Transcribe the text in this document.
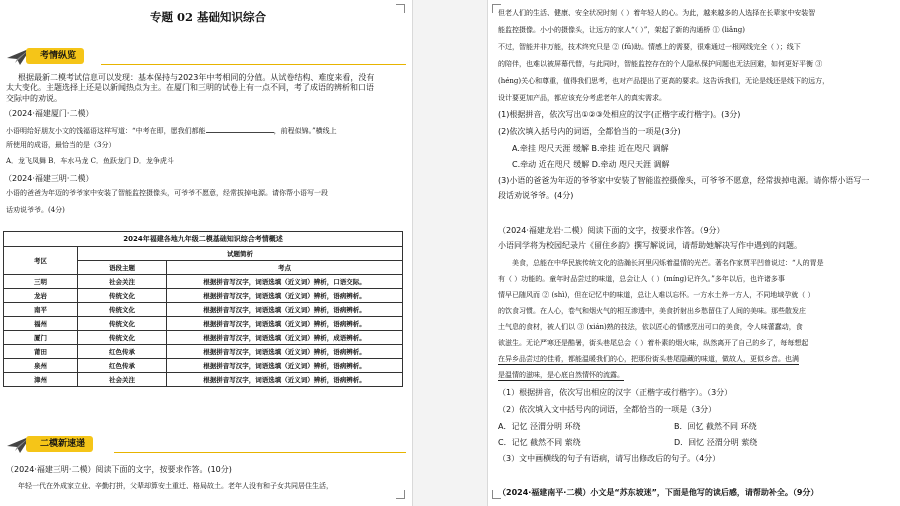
专题 02 基础知识综合
考情纵览
根据最新二模考试信息可以发现：基本保持与2023年中考相同的分值。从试卷结构、难度来看，没有
太大变化。主题选择上还是以新闻热点为主。在厦门和三明的试卷上有一点不同，考了成语的辨析和口语
交际中的劝说。
（2024·福建厦门·二模）
小语明给好朋友小文的饯福语这样写道：“中考在即，愿我们都能	，前程似锦。”横线上
所使用的成语，最恰当的是（3分）
A．龙飞凤舞 B．车水马龙 C．鱼跃龙门 D．龙争虎斗
（2024·福建三明·二模）
小语的爸爸为年迈的爷爷家中安装了智能监控摄像头，可爷爷不愿意，经常拔掉电源。请你帮小语写一段
话劝说爷爷。(4分)
2024年福建各地九年级二模基础知识综合考情概述		
考区	试题简析	
	语段主题	考点
三明	社会关注	根据拼音写汉字，词语选填（近义词）辨析，口语交际。
龙岩	传统文化	根据拼音写汉字，词语选填（近义词）辨析，语病辨析。
南平	传统文化	根据拼音写汉字，词语选填（近义词）辨析，语病辨析。
福州	传统文化	根据拼音写汉字，词语选填（近义词）辨析，语病辨析。
厦门	传统文化	根据拼音写汉字，词语选填（近义词）辨析，成语辨析。
莆田	红色传承	根据拼音写汉字，词语选填（近义词）辨析，语病辨析。
泉州	红色传承	根据拼音写汉字，词语选填（近义词）辨析，语病辨析。
漳州	社会关注	根据拼音写汉字，词语选填（近义词）辨析，语病辨析。
二模新速递
（2024·福建三明·二模）阅读下面的文字，按要求作答。(10分)
年轻一代在外成家立业、辛勤打拼，父辈却算安土重迁、格局故土。老年人没有和子女共同居住生活，
但老人们的生活、健康、安全状况时刻（ ）着年轻人的心。为此，越来越多的人选择在长辈家中安装智
能监控摄像。小小的摄像头，让远方的家人“（ ）”，架起了新的沟通桥 ① (liǎnɡ)
不过，智能并非万能，技术终究只是 ② (fǔ)助。情感上的需要，很难通过一根网线完全（ ）；线下
的陪伴，也难以被屏幕代替，与此同时，智能监控存在的个人隐私保护问题也无法回避，如何更好平衡 ③
(hénɡ)关心和尊重，值得我们思考，也对产品提出了更高的要求。这告诉我们，无论是线还是线下的远方，
设计要更加产品，都应该充分考虑老年人的真实需求。
(1)根据拼音，依次写出①②③处相应的汉字(正楷字或行楷字)。(3分)
(2)依次填入括号内的词语，全都恰当的一项是(3分)
A.牵挂 咫尺天涯 缓解 B.牵挂 近在咫尺 调解
C.牵动 近在咫尺 缓解 D.牵动 咫尺天涯 调解
(3)小语的爸爸为年迈的爷爷家中安装了智能监控摄像头，可爷爷不愿意，经常拔掉电源。请你帮小语写一
段话劝说爷爷。(4分)
（2024·福建龙岩·二模）阅读下面的文字，按要求作答。（9分）
小语同学将为校园纪录片《留住乡韵》撰写解说词，请帮助她解决写作中遇到的问题。
美食，总能在中华民族传统文化的浩瀚长河里闪烁着温情的光芒。著名作家贾平凹曾说过：“人的胃是
有（ ）功能的。童年时品尝过的味道，总会让人（ ）(mínɡ)记许久。”多年以后，也许诸多事
情早已随风而 ② (shì)，但在记忆中的味道，总让人难以忘怀。一方水土养一方人，不同地域孕就（ ）
的饮食习惯。在人心，卷气和烟火气的相互渗透中，美食折射出乡愁留住了人间的美味。那些散发庄
土气息的食材，被人们以 ③ (xián)熟的技法，依以匠心的情感烹出可口的美食，令人味蕾蠢动，食
欲滋生。无论严寒还是酷暑，街头巷尾总会（ ）着朴素的烟火味，纵然离开了自己的乡了，每每想起
在异乡品尝过的佳肴，都能温暖我们的心，把那份街头巷尾隐藏的味道，做故人，更似乡音。也满
是温情的滋味，是心底自然情怀的流露。
（1）根据拼音，依次写出相应的汉字（正楷字或行楷字）。（3分）
（2）依次填入文中括号内的词语，全都恰当的一项是（3分）
A．记忆 泾渭分明 环绕	B．回忆 截然不同 环绕
C．记忆 截然不同 萦绕	D．回忆 泾渭分明 萦绕
（3）文中画横线的句子有语病，请写出修改后的句子。（4分）
（2024·福建南平·二模）小文是“苏东坡迷”，下面是他写的读后感，请帮助补全。（9分）
